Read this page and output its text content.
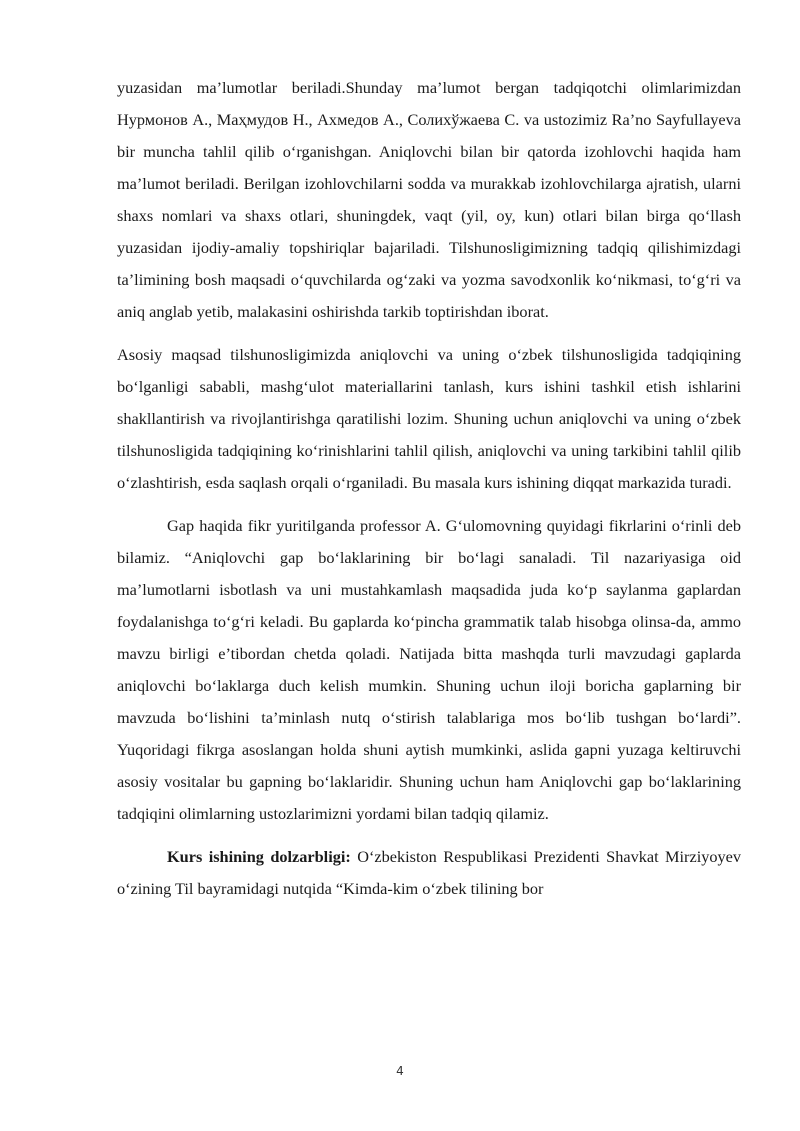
yuzasidan ma’lumotlar beriladi.Shunday ma’lumot bergan tadqiqotchi olimlarimizdan Нурмонов А., Маҳмудов Н., Ахмедов А., Солихўжаева С. va ustozimiz Ra’no Sayfullayeva bir muncha tahlil qilib o‘rganishgan. Aniqlovchi bilan bir qatorda izohlovchi haqida ham ma’lumot beriladi. Berilgan izohlovchilarni sodda va murakkab izohlovchilarga ajratish, ularni shaxs nomlari va shaxs otlari, shuningdek, vaqt (yil, oy, kun) otlari bilan birga qo‘llash yuzasidan ijodiy-amaliy topshiriqlar bajariladi. Tilshunosligimizning tadqiq qilishimizdagi ta’limining bosh maqsadi o‘quvchilarda og‘zaki va yozma savodxonlik ko‘nikmasi, to‘g‘ri va aniq anglab yetib, malakasini oshirishda tarkib toptirishdan iborat.

Asosiy maqsad tilshunosligimizda aniqlovchi va uning o‘zbek tilshunosligida tadqiqining bo‘lganligi sababli, mashg‘ulot materiallarini tanlash, kurs ishini tashkil etish ishlarini shakllantirish va rivojlantirishga qaratilishi lozim. Shuning uchun aniqlovchi va uning o‘zbek tilshunosligida tadqiqining ko‘rinishlarini tahlil qilish, aniqlovchi va uning tarkibini tahlil qilib o‘zlashtirish, esda saqlash orqali o‘rganiladi. Bu masala kurs ishining diqqat markazida turadi.

Gap haqida fikr yuritilganda professor A. G‘ulomovning quyidagi fikrlarini o‘rinli deb bilamiz. “Aniqlovchi gap bo‘laklarining bir bo‘lagi sanaladi. Til nazariyasiga oid ma’lumotlarni isbotlash va uni mustahkamlash maqsadida juda ko‘p saylanma gaplardan foydalanishga to‘g‘ri keladi. Bu gaplarda ko‘pincha grammatik talab hisobga olinsa-da, ammo mavzu birligi e’tibordan chetda qoladi. Natijada bitta mashqda turli mavzudagi gaplarda aniqlovchi bo‘laklarga duch kelish mumkin. Shuning uchun iloji boricha gaplarning bir mavzuda bo‘lishini ta’minlash nutq o‘stirish talablariga mos bo‘lib tushgan bo‘lardi”. Yuqoridagi fikrga asoslangan holda shuni aytish mumkinki, aslida gapni yuzaga keltiruvchi asosiy vositalar bu gapning bo‘laklaridir. Shuning uchun ham Aniqlovchi gap bo‘laklarining tadqiqini olimlarning ustozlarimizni yordami bilan tadqiq qilamiz.

Kurs ishining dolzarbligi: O‘zbekiston Respublikasi Prezidenti Shavkat Mirziyoyev o‘zining Til bayramidagi nutqida “Kimda-kim o‘zbek tilining bor

4
